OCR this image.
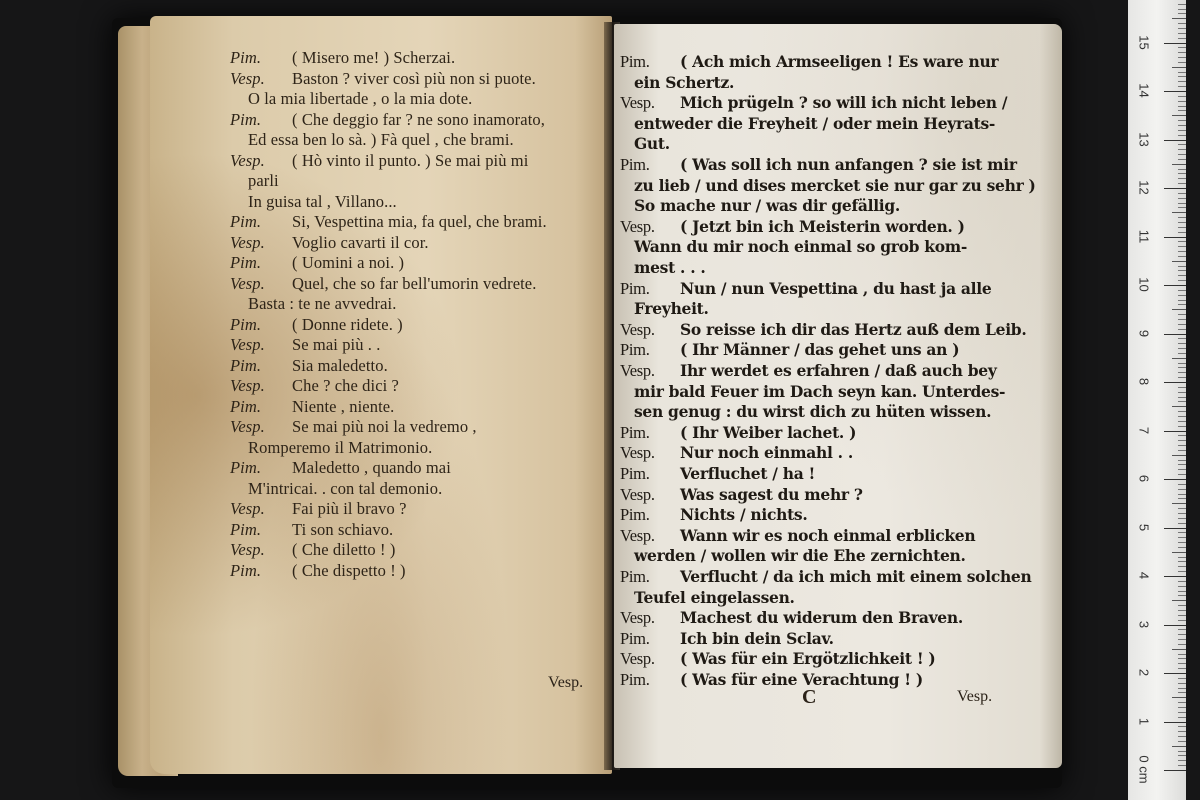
Pim. ( Misero me! ) Scherzai.
Vesp. Baston ? viver così più non si puote.
O la mia libertade , o la mia dote.
Pim. ( Che deggio far ? ne sono inamorato,
Ed essa ben lo sà. ) Fà quel , che brami.
Vesp. ( Hò vinto il punto. ) Se mai più mi
parli
In guisa tal , Villano...
Pim. Si, Vespettina mia, fa quel, che brami.
Vesp. Voglio cavarti il cor.
Pim. ( Uomini a noi. )
Vesp. Quel, che so far bell'umorin vedrete.
Basta : te ne avvedrai.
Pim. ( Donne ridete. )
Vesp. Se mai più . .
Pim. Sia maledetto.
Vesp. Che ? che dici ?
Pim. Niente , niente.
Vesp. Se mai più noi la vedremo ,
Romperemo il Matrimonio.
Pim. Maledetto , quando mai
M'intricai. . con tal demonio.
Vesp. Fai più il bravo ?
Pim. Ti son schiavo.
Vesp. ( Che diletto ! )
Pim. ( Che dispetto ! )
Vesp.
Pim. ( Ach mich Armseeligen ! Es ware nur
ein Schertz.
Vesp. Mich prügeln ? so will ich nicht leben /
entweder die Freyheit / oder mein Heyrats-
Gut.
Pim. ( Was soll ich nun anfangen ? sie ist mir
zu lieb / und dises mercket sie nur gar zu sehr )
So mache nur / was dir gefällig.
Vesp. ( Jetzt bin ich Meisterin worden. )
Wann du mir noch einmal so grob kom-
mest . . .
Pim. Nun / nun Vespettina , du hast ja alle
Freyheit.
Vesp. So reisse ich dir das Hertz auß dem Leib.
Pim. ( Ihr Männer / das gehet uns an )
Vesp. Ihr werdet es erfahren / daß auch bey
mir bald Feuer im Dach seyn kan. Unterdes-
sen genug : du wirst dich zu hüten wissen.
Pim. ( Ihr Weiber lachet. )
Vesp. Nur noch einmahl . .
Pim. Verfluchet / ha !
Vesp. Was sagest du mehr ?
Pim. Nichts / nichts.
Vesp. Wann wir es noch einmal erblicken
werden / wollen wir die Ehe zernichten.
Pim. Verflucht / da ich mich mit einem solchen
Teufel eingelassen.
Vesp. Machest du widerum den Braven.
Pim. Ich bin dein Sclav.
Vesp. ( Was für ein Ergötzlichkeit ! )
Pim. ( Was für eine Verachtung ! )
C	Vesp.
0 cm
1
2
3
4
5
6
7
8
9
10
11
12
13
14
15
